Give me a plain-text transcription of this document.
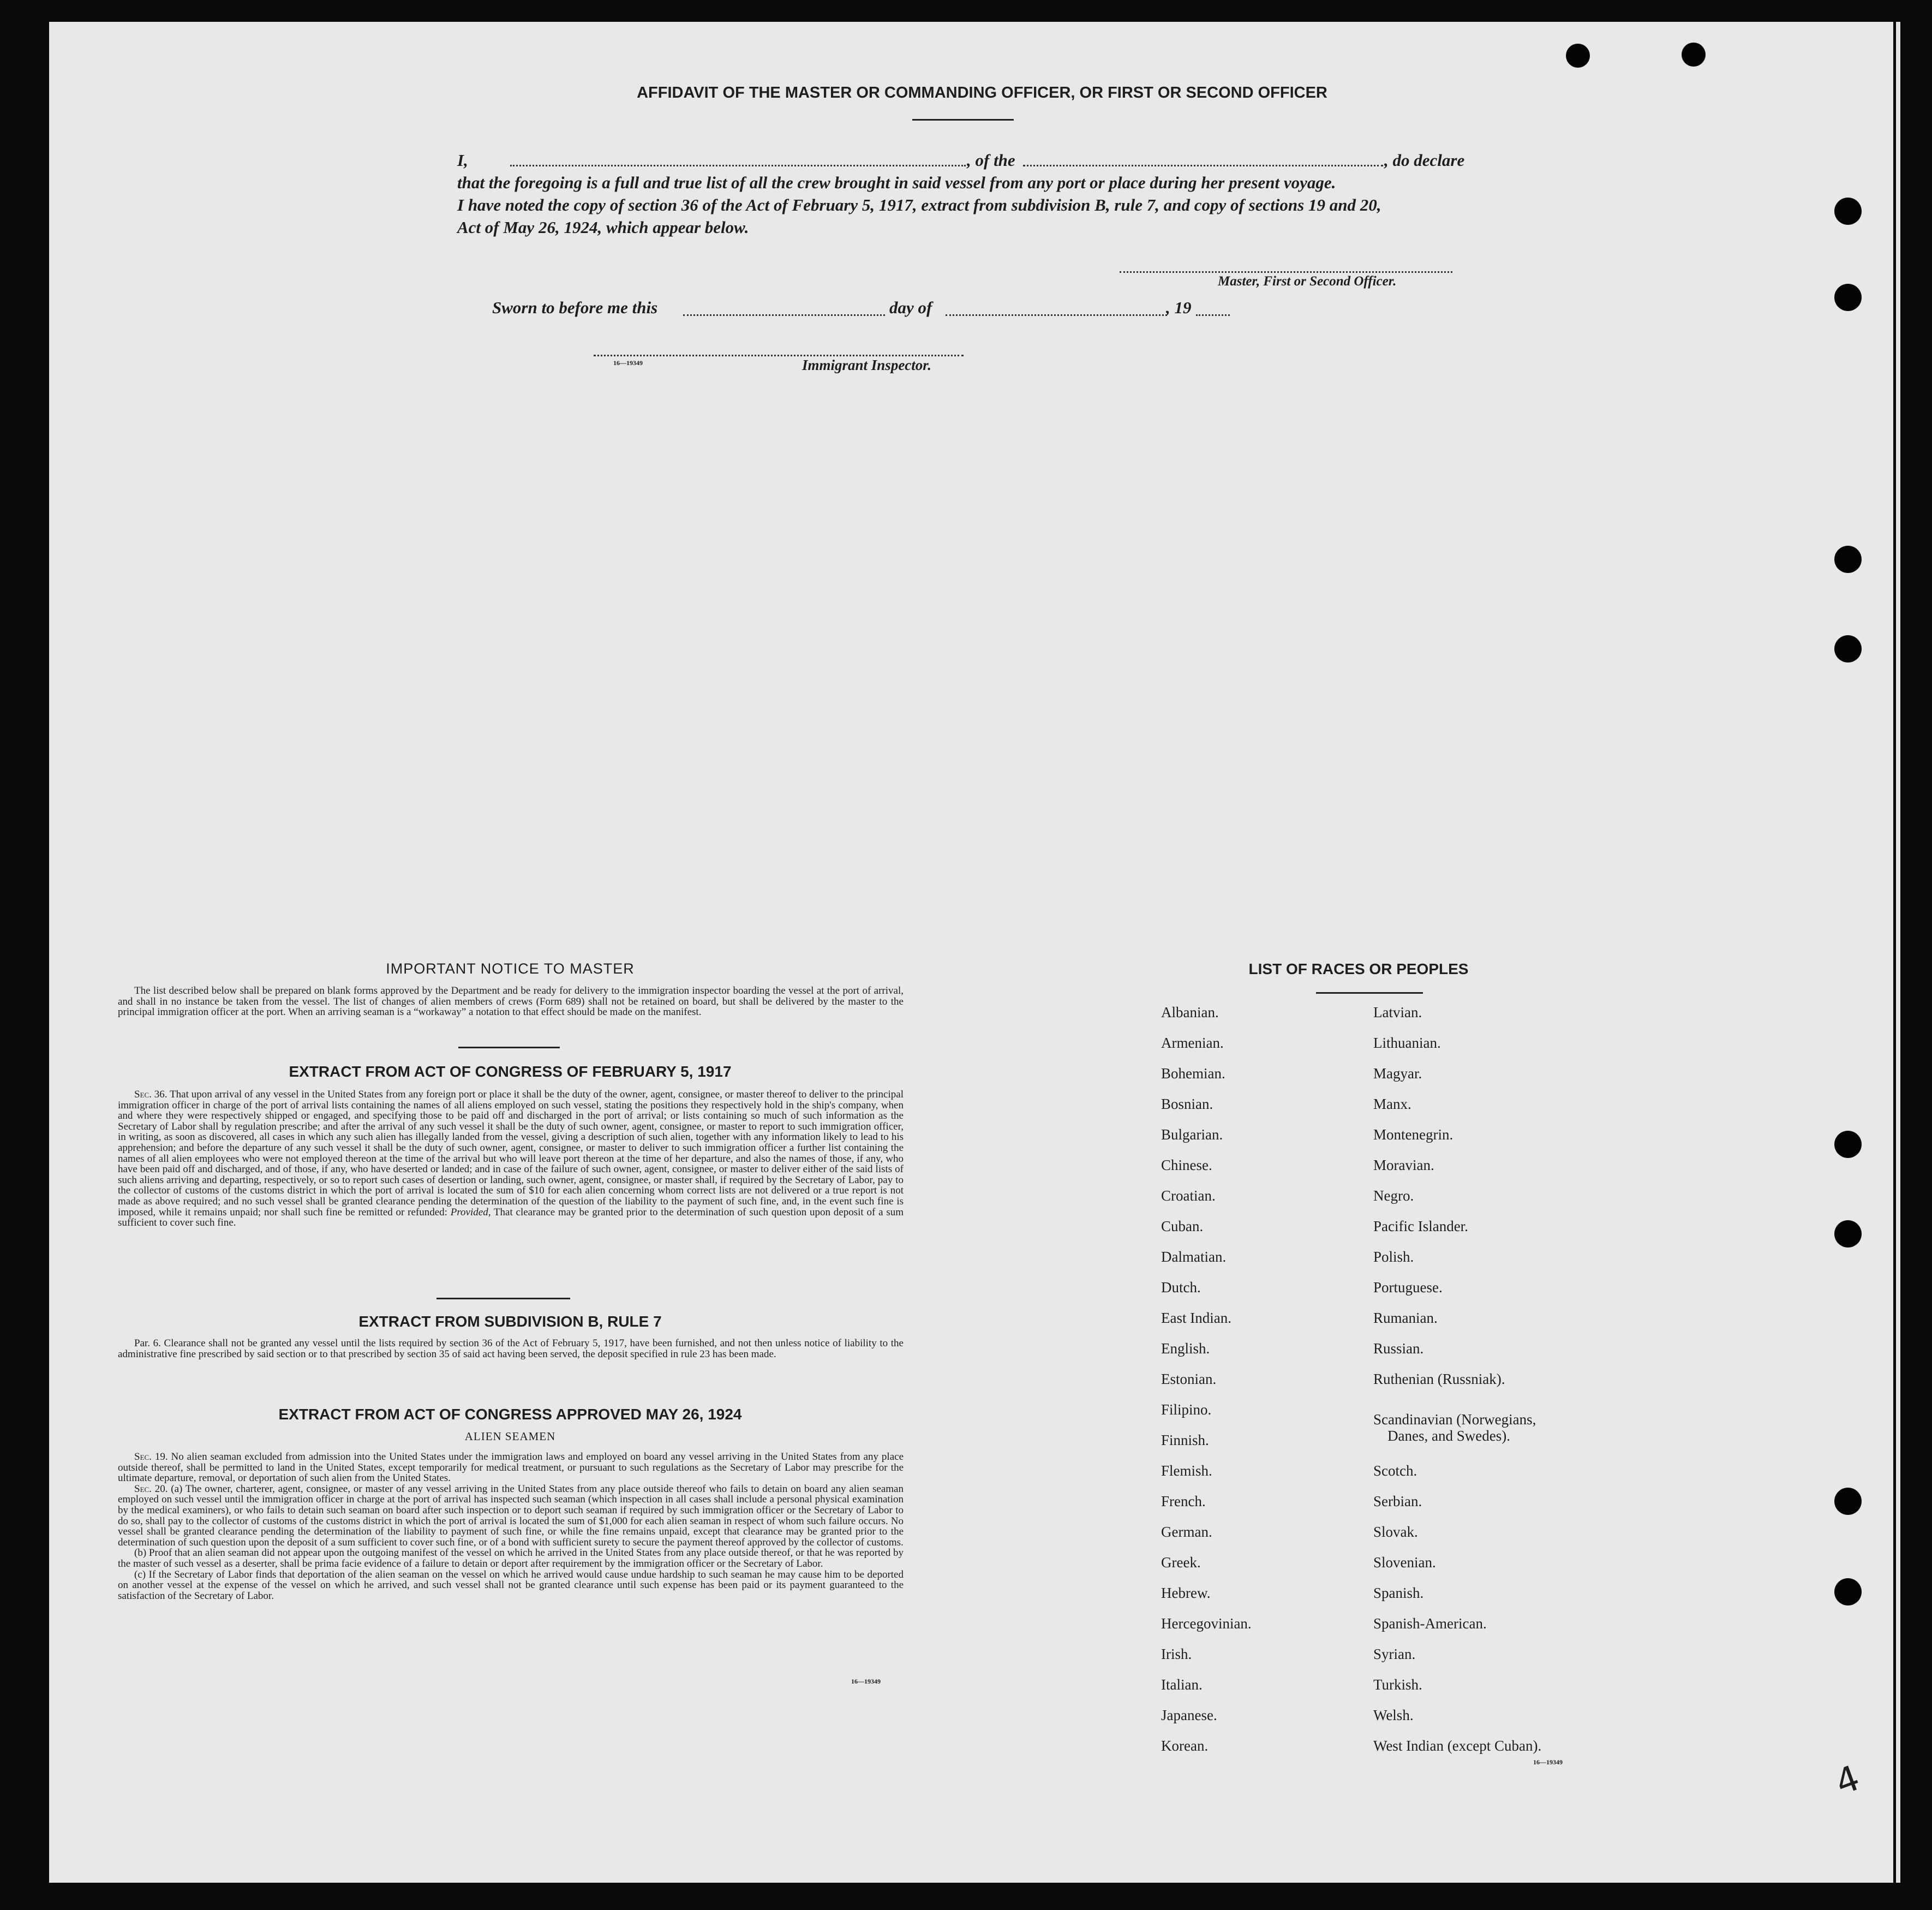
AFFIDAVIT OF THE MASTER OR COMMANDING OFFICER, OR FIRST OR SECOND OFFICER
I,	, of the	, do declare
that the foregoing is a full and true list of all the crew brought in said vessel from any port or place during her present voyage.
I have noted the copy of section 36 of the Act of February 5, 1917, extract from subdivision B, rule 7, and copy of sections 19 and 20,
Act of May 26, 1924, which appear below.
Master, First or Second Officer.
Sworn to before me this	day of	, 19
16—19349	Immigrant Inspector.
IMPORTANT NOTICE TO MASTER

The list described below shall be prepared on blank forms approved by the Department and be ready for delivery to the immigration inspector boarding the vessel at the port of arrival, and shall in no instance be taken from the vessel. The list of changes of alien members of crews (Form 689) shall not be retained on board, but shall be delivered by the master to the principal immigration officer at the port. When an arriving seaman is a “workaway” a notation to that effect should be made on the manifest.

EXTRACT FROM ACT OF CONGRESS OF FEBRUARY 5, 1917

Sec. 36. That upon arrival of any vessel in the United States from any foreign port or place it shall be the duty of the owner, agent, consignee, or master thereof to deliver to the principal immigration officer in charge of the port of arrival lists containing the names of all aliens employed on such vessel, stating the positions they respectively hold in the ship's company, when and where they were respectively shipped or engaged, and specifying those to be paid off and discharged in the port of arrival; or lists containing so much of such information as the Secretary of Labor shall by regulation prescribe; and after the arrival of any such vessel it shall be the duty of such owner, agent, consignee, or master to report to such immigration officer, in writing, as soon as discovered, all cases in which any such alien has illegally landed from the vessel, giving a description of such alien, together with any information likely to lead to his apprehension; and before the departure of any such vessel it shall be the duty of such owner, agent, consignee, or master to deliver to such immigration officer a further list containing the names of all alien employees who were not employed thereon at the time of the arrival but who will leave port thereon at the time of her departure, and also the names of those, if any, who have been paid off and discharged, and of those, if any, who have deserted or landed; and in case of the failure of such owner, agent, consignee, or master to deliver either of the said lists of such aliens arriving and departing, respectively, or so to report such cases of desertion or landing, such owner, agent, consignee, or master shall, if required by the Secretary of Labor, pay to the collector of customs of the customs district in which the port of arrival is located the sum of $10 for each alien concerning whom correct lists are not delivered or a true report is not made as above required; and no such vessel shall be granted clearance pending the determination of the question of the liability to the payment of such fine, and, in the event such fine is imposed, while it remains unpaid; nor shall such fine be remitted or refunded: Provided, That clearance may be granted prior to the determination of such question upon deposit of a sum sufficient to cover such fine.

EXTRACT FROM SUBDIVISION B, RULE 7

Par. 6. Clearance shall not be granted any vessel until the lists required by section 36 of the Act of February 5, 1917, have been furnished, and not then unless notice of liability to the administrative fine prescribed by said section or to that prescribed by section 35 of said act having been served, the deposit specified in rule 23 has been made.

EXTRACT FROM ACT OF CONGRESS APPROVED MAY 26, 1924
ALIEN SEAMEN

Sec. 19. No alien seaman excluded from admission into the United States under the immigration laws and employed on board any vessel arriving in the United States from any place outside thereof, shall be permitted to land in the United States, except temporarily for medical treatment, or pursuant to such regulations as the Secretary of Labor may prescribe for the ultimate departure, removal, or deportation of such alien from the United States.

Sec. 20. (a) The owner, charterer, agent, consignee, or master of any vessel arriving in the United States from any place outside thereof who fails to detain on board any alien seaman employed on such vessel until the immigration officer in charge at the port of arrival has inspected such seaman (which inspection in all cases shall include a personal physical examination by the medical examiners), or who fails to detain such seaman on board after such inspection or to deport such seaman if required by such immigration officer or the Secretary of Labor to do so, shall pay to the collector of customs of the customs district in which the port of arrival is located the sum of $1,000 for each alien seaman in respect of whom such failure occurs. No vessel shall be granted clearance pending the determination of the liability to payment of such fine, or while the fine remains unpaid, except that clearance may be granted prior to the determination of such question upon the deposit of a sum sufficient to cover such fine, or of a bond with sufficient surety to secure the payment thereof approved by the collector of customs.

(b) Proof that an alien seaman did not appear upon the outgoing manifest of the vessel on which he arrived in the United States from any place outside thereof, or that he was reported by the master of such vessel as a deserter, shall be prima facie evidence of a failure to detain or deport after requirement by the immigration officer or the Secretary of Labor.

(c) If the Secretary of Labor finds that deportation of the alien seaman on the vessel on which he arrived would cause undue hardship to such seaman he may cause him to be deported on another vessel at the expense of the vessel on which he arrived, and such vessel shall not be granted clearance until such expense has been paid or its payment guaranteed to the satisfaction of the Secretary of Labor.

16—19349
LIST OF RACES OR PEOPLES
Albanian.
Armenian.
Bohemian.
Bosnian.
Bulgarian.
Chinese.
Croatian.
Cuban.
Dalmatian.
Dutch.
East Indian.
English.
Estonian.
Filipino.
Finnish.
Flemish.
French.
German.
Greek.
Hebrew.
Hercegovinian.
Irish.
Italian.
Japanese.
Korean.
Latvian.
Lithuanian.
Magyar.
Manx.
Montenegrin.
Moravian.
Negro.
Pacific Islander.
Polish.
Portuguese.
Rumanian.
Russian.
Ruthenian (Russniak).
Scandinavian (Norwegians,
Danes, and Swedes).
Scotch.
Serbian.
Slovak.
Slovenian.
Spanish.
Spanish-American.
Syrian.
Turkish.
Welsh.
West Indian (except Cuban).
16—19349	4
